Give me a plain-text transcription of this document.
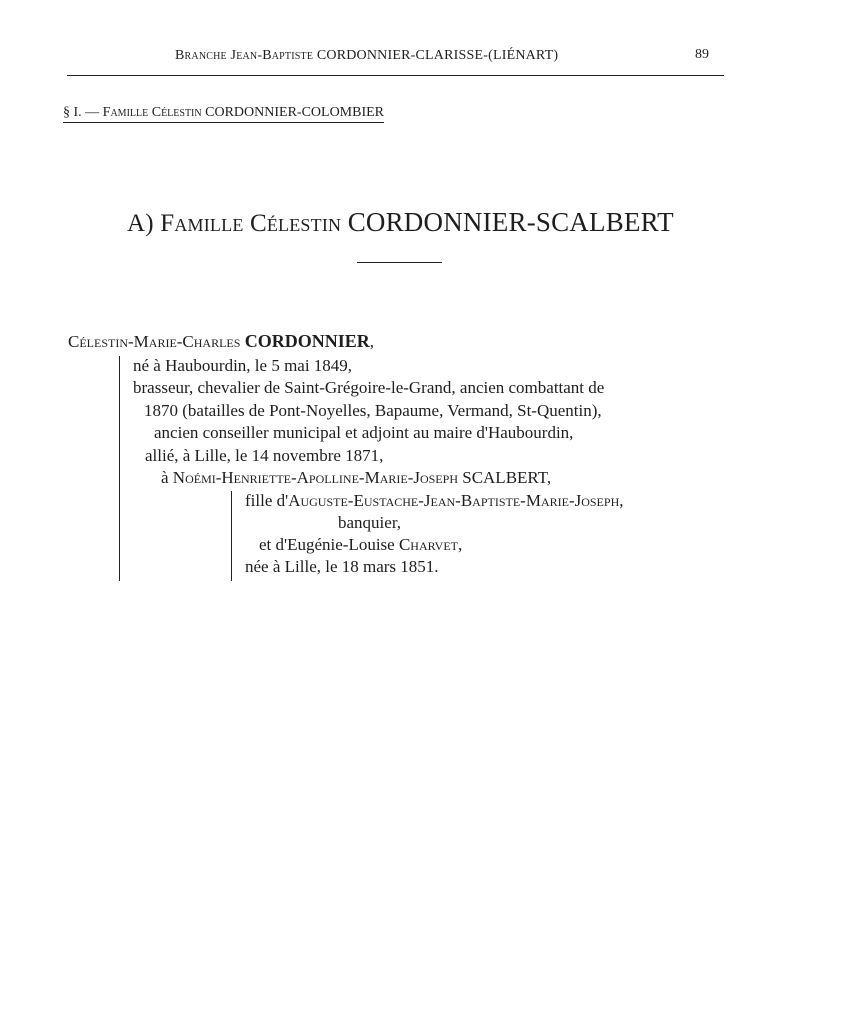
Branche Jean-Baptiste CORDONNIER-CLARISSE-(LIÉNART)	89
§ I. — Famille Célestin CORDONNIER-COLOMBIER
A) Famille Célestin CORDONNIER-SCALBERT
Célestin-Marie-Charles CORDONNIER,
né à Haubourdin, le 5 mai 1849,
brasseur, chevalier de Saint-Grégoire-le-Grand, ancien combattant de
1870 (batailles de Pont-Noyelles, Bapaume, Vermand, St-Quentin),
ancien conseiller municipal et adjoint au maire d'Haubourdin,
allié, à Lille, le 14 novembre 1871,
à Noémi-Henriette-Apolline-Marie-Joseph SCALBERT,
fille d'Auguste-Eustache-Jean-Baptiste-Marie-Joseph,
banquier,
et d'Eugénie-Louise Charvet,
née à Lille, le 18 mars 1851.
